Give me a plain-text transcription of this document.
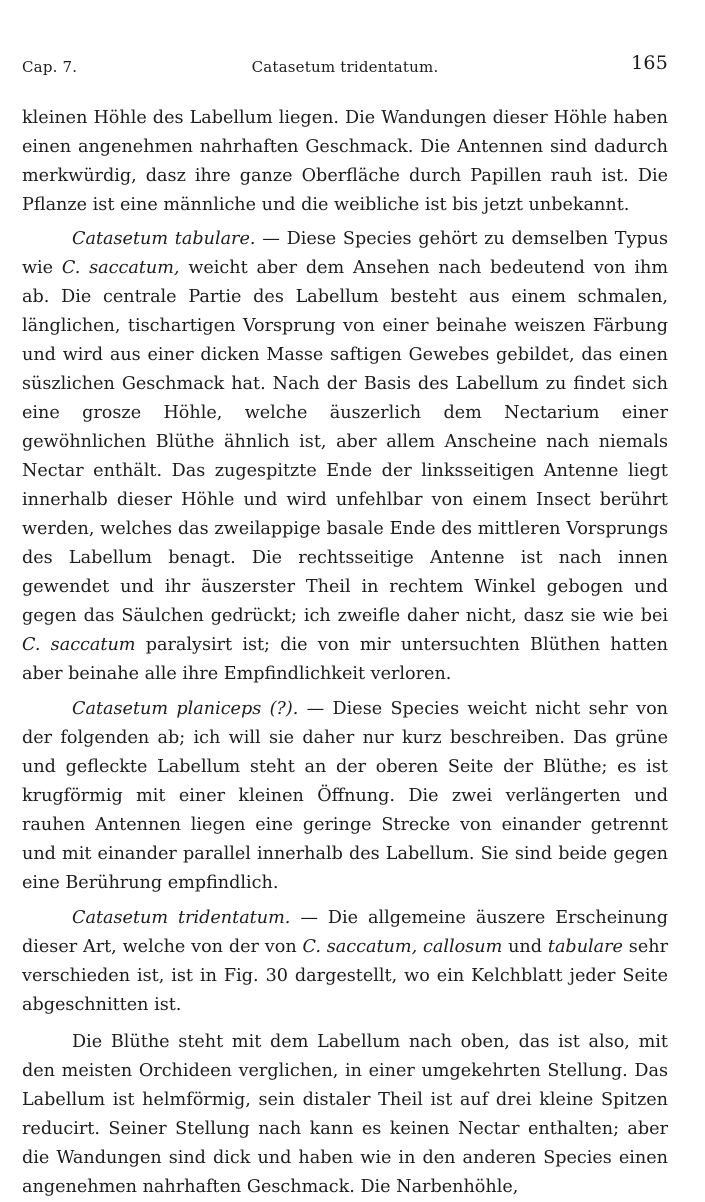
Cap. 7.	Catasetum tridentatum.	165

kleinen Höhle des Labellum liegen. Die Wandungen dieser Höhle haben einen angenehmen nahrhaften Geschmack. Die Antennen sind dadurch merkwürdig, dasz ihre ganze Oberfläche durch Papillen rauh ist. Die Pflanze ist eine männliche und die weibliche ist bis jetzt unbekannt.

Catasetum tabulare. — Diese Species gehört zu demselben Typus wie C. saccatum, weicht aber dem Ansehen nach bedeutend von ihm ab. Die centrale Partie des Labellum besteht aus einem schmalen, länglichen, tischartigen Vorsprung von einer beinahe weiszen Färbung und wird aus einer dicken Masse saftigen Gewebes gebildet, das einen süszlichen Geschmack hat. Nach der Basis des Labellum zu findet sich eine grosze Höhle, welche äuszerlich dem Nectarium einer gewöhnlichen Blüthe ähnlich ist, aber allem Anscheine nach niemals Nectar enthält. Das zugespitzte Ende der linksseitigen Antenne liegt innerhalb dieser Höhle und wird unfehlbar von einem Insect berührt werden, welches das zweilappige basale Ende des mittleren Vorsprungs des Labellum benagt. Die rechtsseitige Antenne ist nach innen gewendet und ihr äuszerster Theil in rechtem Winkel gebogen und gegen das Säulchen gedrückt; ich zweifle daher nicht, dasz sie wie bei C. saccatum paralysirt ist; die von mir untersuchten Blüthen hatten aber beinahe alle ihre Empfindlichkeit verloren.

Catasetum planiceps (?). — Diese Species weicht nicht sehr von der folgenden ab; ich will sie daher nur kurz beschreiben. Das grüne und gefleckte Labellum steht an der oberen Seite der Blüthe; es ist krugförmig mit einer kleinen Öffnung. Die zwei verlängerten und rauhen Antennen liegen eine geringe Strecke von einander getrennt und mit einander parallel innerhalb des Labellum. Sie sind beide gegen eine Berührung empfindlich.

Catasetum tridentatum. — Die allgemeine äuszere Erscheinung dieser Art, welche von der von C. saccatum, callosum und tabulare sehr verschieden ist, ist in Fig. 30 dargestellt, wo ein Kelchblatt jeder Seite abgeschnitten ist.

Die Blüthe steht mit dem Labellum nach oben, das ist also, mit den meisten Orchideen verglichen, in einer umgekehrten Stellung. Das Labellum ist helmförmig, sein distaler Theil ist auf drei kleine Spitzen reducirt. Seiner Stellung nach kann es keinen Nectar enthalten; aber die Wandungen sind dick und haben wie in den anderen Species einen angenehmen nahrhaften Geschmack. Die Narbenhöhle,
